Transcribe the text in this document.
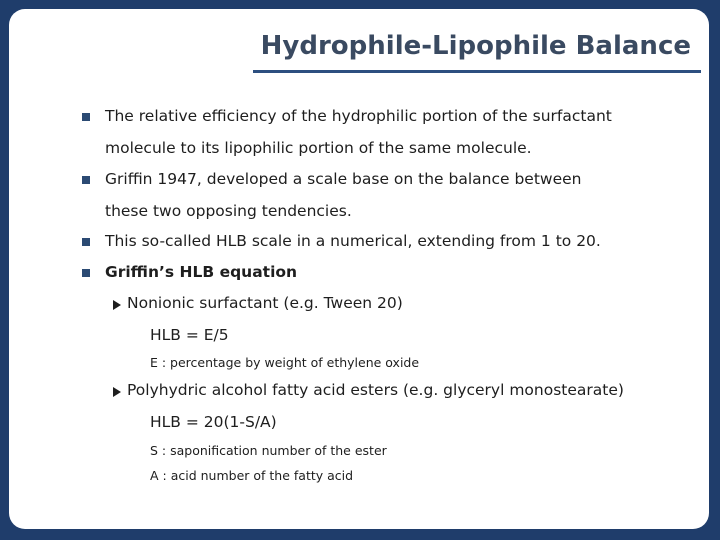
Hydrophile-Lipophile Balance

The relative efficiency of the hydrophilic portion of the surfactant

molecule to its lipophilic portion of the same molecule.

Griffin 1947, developed a scale base on the balance between

these two opposing tendencies.

This so-called HLB scale in a numerical, extending from 1 to 20.

Griffin’s HLB equation

Nonionic surfactant (e.g. Tween 20)

HLB = E/5

E : percentage by weight of ethylene oxide

Polyhydric alcohol fatty acid esters (e.g. glyceryl monostearate)

HLB = 20(1-S/A)

S : saponification number of the ester

A : acid number of the fatty acid
